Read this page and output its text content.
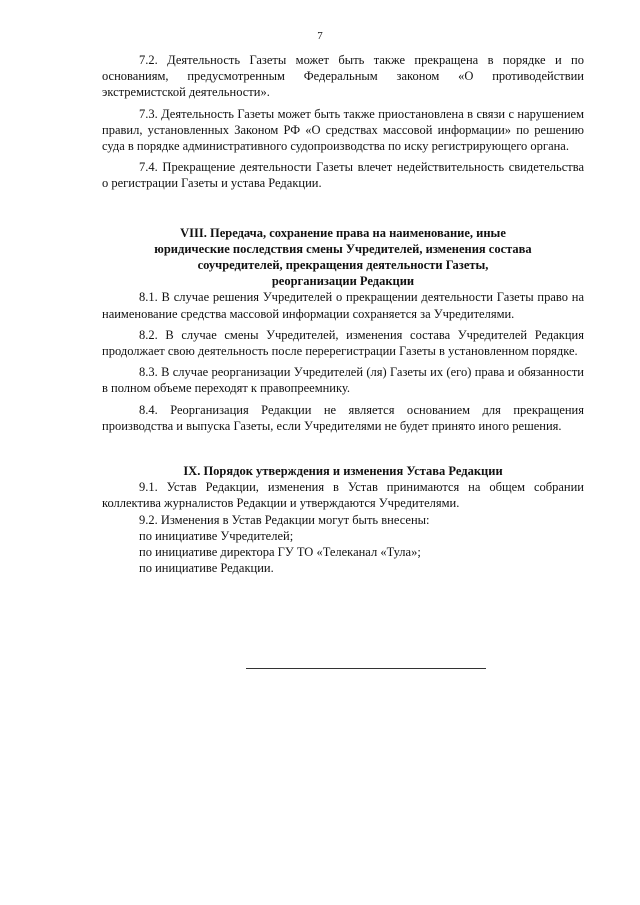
7

7.2. Деятельность Газеты может быть также прекращена в порядке и по основаниям, предусмотренным Федеральным законом «О противодействии экстремистской деятельности».

7.3. Деятельность Газеты может быть также приостановлена в связи с нарушением правил, установленных Законом РФ «О средствах массовой информации» по решению суда в порядке административного судопроизводства по иску регистрирующего органа.

7.4. Прекращение деятельности Газеты влечет недействительность свидетельства о регистрации Газеты и устава Редакции.

VIII. Передача, сохранение права на наименование, иные
юридические последствия смены Учредителей, изменения состава
соучредителей, прекращения деятельности Газеты,
реорганизации Редакции

8.1. В случае решения Учредителей о прекращении деятельности Газеты право на наименование средства массовой информации сохраняется за Учредителями.

8.2. В случае смены Учредителей, изменения состава Учредителей Редакция продолжает свою деятельность после перерегистрации Газеты в установленном порядке.

8.3. В случае реорганизации Учредителей (ля) Газеты их (его) права и обязанности в полном объеме переходят к правопреемнику.

8.4. Реорганизация Редакции не является основанием для прекращения производства и выпуска Газеты, если Учредителями не будет принято иного решения.

IX. Порядок утверждения и изменения Устава Редакции

9.1. Устав Редакции, изменения в Устав принимаются на общем собрании коллектива журналистов Редакции и утверждаются Учредителями.

9.2. Изменения в Устав Редакции могут быть внесены:

по инициативе Учредителей;

по инициативе директора ГУ ТО «Телеканал «Тула»;

по инициативе Редакции.
